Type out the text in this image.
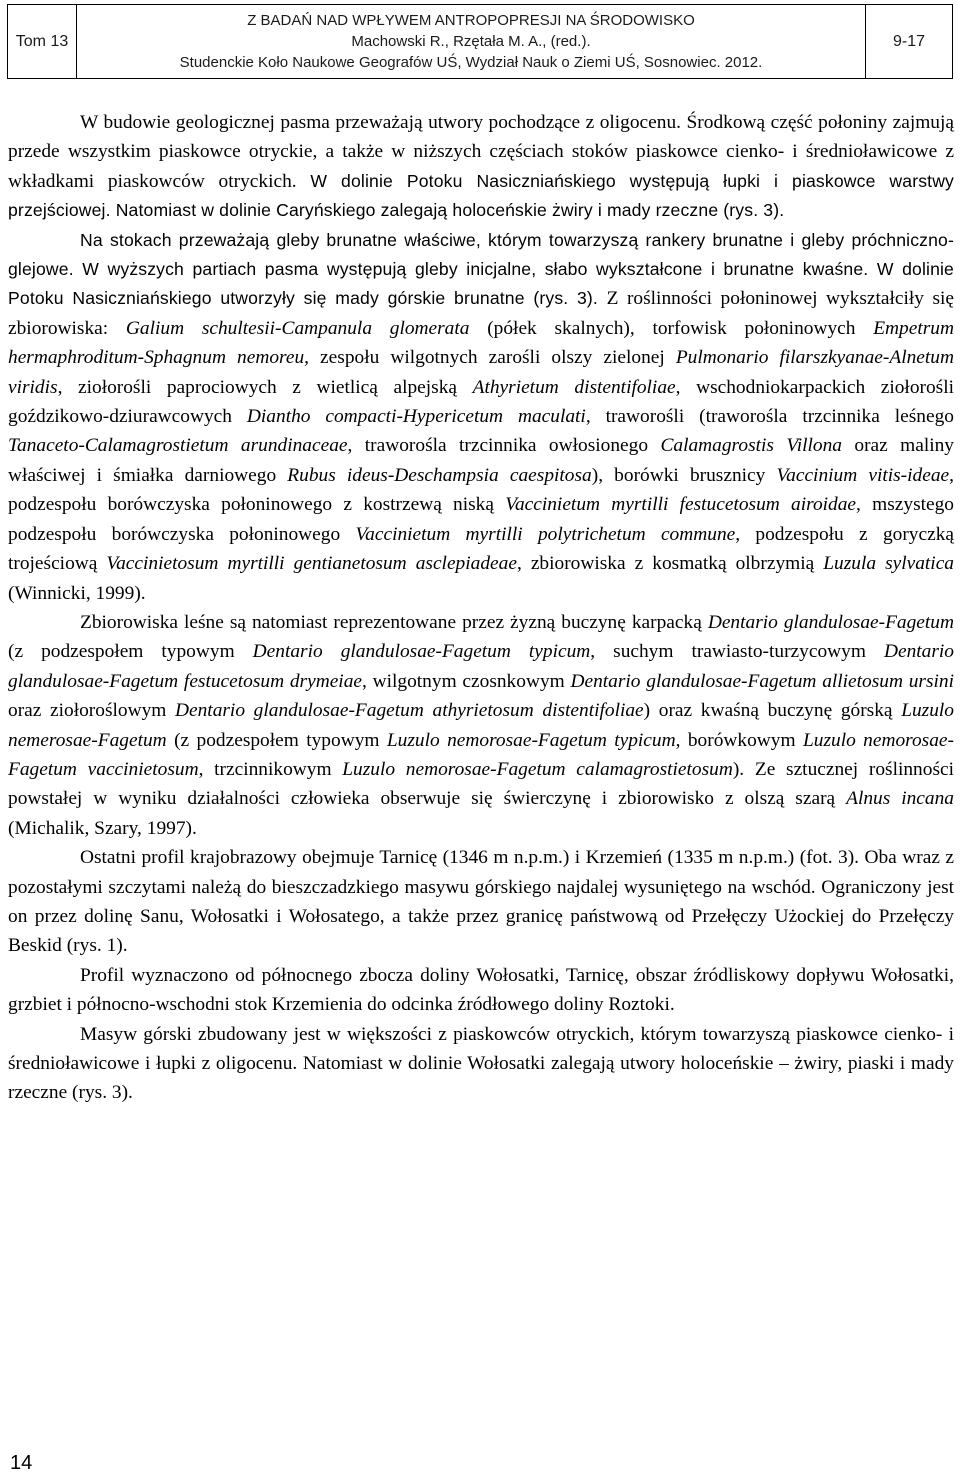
Tom 13	
Z BADAŃ NAD WPŁYWEM ANTROPOPRESJI NA ŚRODOWISKO
Machowski R., Rzętała M. A., (red.).
Studenckie Koło Naukowe Geografów UŚ, Wydział Nauk o Ziemi UŚ, Sosnowiec. 2012.
	9-17

W budowie geologicznej pasma przeważają utwory pochodzące z oligocenu. Środkową część połoniny zajmują przede wszystkim piaskowce otryckie, a także w niższych częściach stoków piaskowce cienko- i średnioławicowe z wkładkami piaskowców otryckich. W dolinie Potoku Nasiczniańskiego występują łupki i piaskowce warstwy przejściowej. Natomiast w dolinie Caryńskiego zalegają holoceńskie żwiry i mady rzeczne (rys. 3).

Na stokach przeważają gleby brunatne właściwe, którym towarzyszą rankery brunatne i gleby próchniczno-glejowe. W wyższych partiach pasma występują gleby inicjalne, słabo wykształcone i brunatne kwaśne. W dolinie Potoku Nasiczniańskiego utworzyły się mady górskie brunatne (rys. 3). Z roślinności połoninowej wykształciły się zbiorowiska: Galium schultesii-Campanula glomerata (półek skalnych), torfowisk połoninowych Empetrum hermaphroditum-Sphagnum nemoreu, zespołu wilgotnych zarośli olszy zielonej Pulmonario filarszkyanae-Alnetum viridis, ziołorośli paprociowych z wietlicą alpejską Athyrietum distentifoliae, wschodniokarpackich ziołorośli goździkowo-dziurawcowych Diantho compacti-Hypericetum maculati, traworośli (traworośla trzcinnika leśnego Tanaceto-Calamagrostietum arundinaceae, traworośla trzcinnika owłosionego Calamagrostis Villona oraz maliny właściwej i śmiałka darniowego Rubus ideus-Deschampsia caespitosa), borówki brusznicy Vaccinium vitis-ideae, podzespołu borówczyska połoninowego z kostrzewą niską Vaccinietum myrtilli festucetosum airoidae, mszystego podzespołu borówczyska połoninowego Vaccinietum myrtilli polytrichetum commune, podzespołu z goryczką trojeściową Vaccinietosum myrtilli gentianetosum asclepiadeae, zbiorowiska z kosmatką olbrzymią Luzula sylvatica (Winnicki, 1999).

Zbiorowiska leśne są natomiast reprezentowane przez żyzną buczynę karpacką Dentario glandulosae-Fagetum (z podzespołem typowym Dentario glandulosae-Fagetum typicum, suchym trawiasto-turzycowym Dentario glandulosae-Fagetum festucetosum drymeiae, wilgotnym czosnkowym Dentario glandulosae-Fagetum allietosum ursini oraz ziołoroślowym Dentario glandulosae-Fagetum athyrietosum distentifoliae) oraz kwaśną buczynę górską Luzulo nemerosae-Fagetum (z podzespołem typowym Luzulo nemorosae-Fagetum typicum, borówkowym Luzulo nemorosae-Fagetum vaccinietosum, trzcinnikowym Luzulo nemorosae-Fagetum calamagrostietosum). Ze sztucznej roślinności powstałej w wyniku działalności człowieka obserwuje się świerczynę i zbiorowisko z olszą szarą Alnus incana (Michalik, Szary, 1997).

Ostatni profil krajobrazowy obejmuje Tarnicę (1346 m n.p.m.) i Krzemień (1335 m n.p.m.) (fot. 3). Oba wraz z pozostałymi szczytami należą do bieszczadzkiego masywu górskiego najdalej wysuniętego na wschód. Ograniczony jest on przez dolinę Sanu, Wołosatki i Wołosatego, a także przez granicę państwową od Przełęczy Użockiej do Przełęczy Beskid (rys. 1).

Profil wyznaczono od północnego zbocza doliny Wołosatki, Tarnicę, obszar źródliskowy dopływu Wołosatki, grzbiet i północno-wschodni stok Krzemienia do odcinka źródłowego doliny Roztoki.

Masyw górski zbudowany jest w większości z piaskowców otryckich, którym towarzyszą piaskowce cienko- i średnioławicowe i łupki z oligocenu. Natomiast w dolinie Wołosatki zalegają utwory holoceńskie – żwiry, piaski i mady rzeczne (rys. 3).

14
